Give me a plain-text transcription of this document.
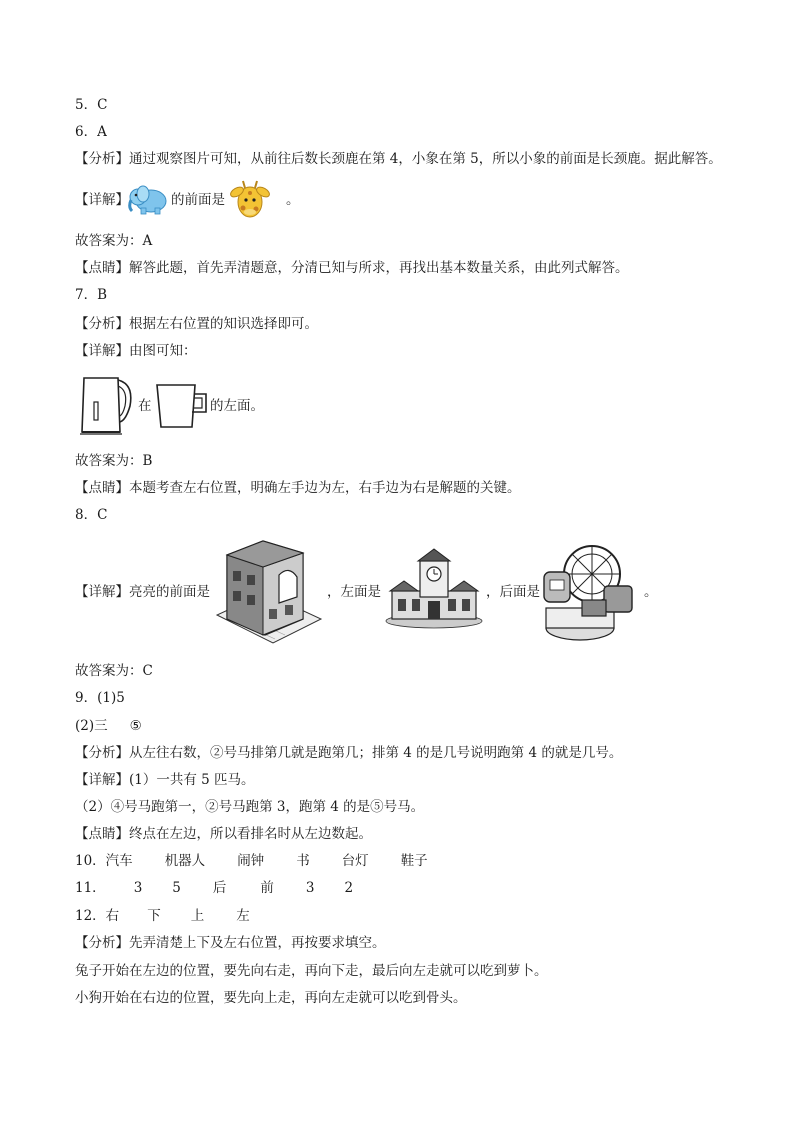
5．C
6．A
【分析】通过观察图片可知，从前往后数长颈鹿在第 4，小象在第 5，所以小象的前面是长颈鹿。据此解答。
【详解】	的前面是	。
故答案为：A
【点睛】解答此题，首先弄清题意，分清已知与所求，再找出基本数量关系，由此列式解答。
7．B
【分析】根据左右位置的知识选择即可。
【详解】由图可知：
在	的左面。
故答案为：B
【点睛】本题考查左右位置，明确左手边为左，右手边为右是解题的关键。
8．C
【详解】亮亮的前面是	，左面是	，后面是	。
故答案为：C
9．(1)5
(2)三 ⑤
【分析】从左往右数，②号马排第几就是跑第几；排第 4 的是几号说明跑第 4 的就是几号。
【详解】(1）一共有 5 匹马。
（2）④号马跑第一，②号马跑第 3，跑第 4 的是⑤号马。
【点睛】终点在左边，所以看排名时从左边数起。
10．汽车 机器人 闹钟 书 台灯 鞋子
11． 3 5 后	前 3 2
12．右 下 上 左
【分析】先弄清楚上下及左右位置，再按要求填空。
兔子开始在左边的位置，要先向右走，再向下走，最后向左走就可以吃到萝卜。
小狗开始在右边的位置，要先向上走，再向左走就可以吃到骨头。
